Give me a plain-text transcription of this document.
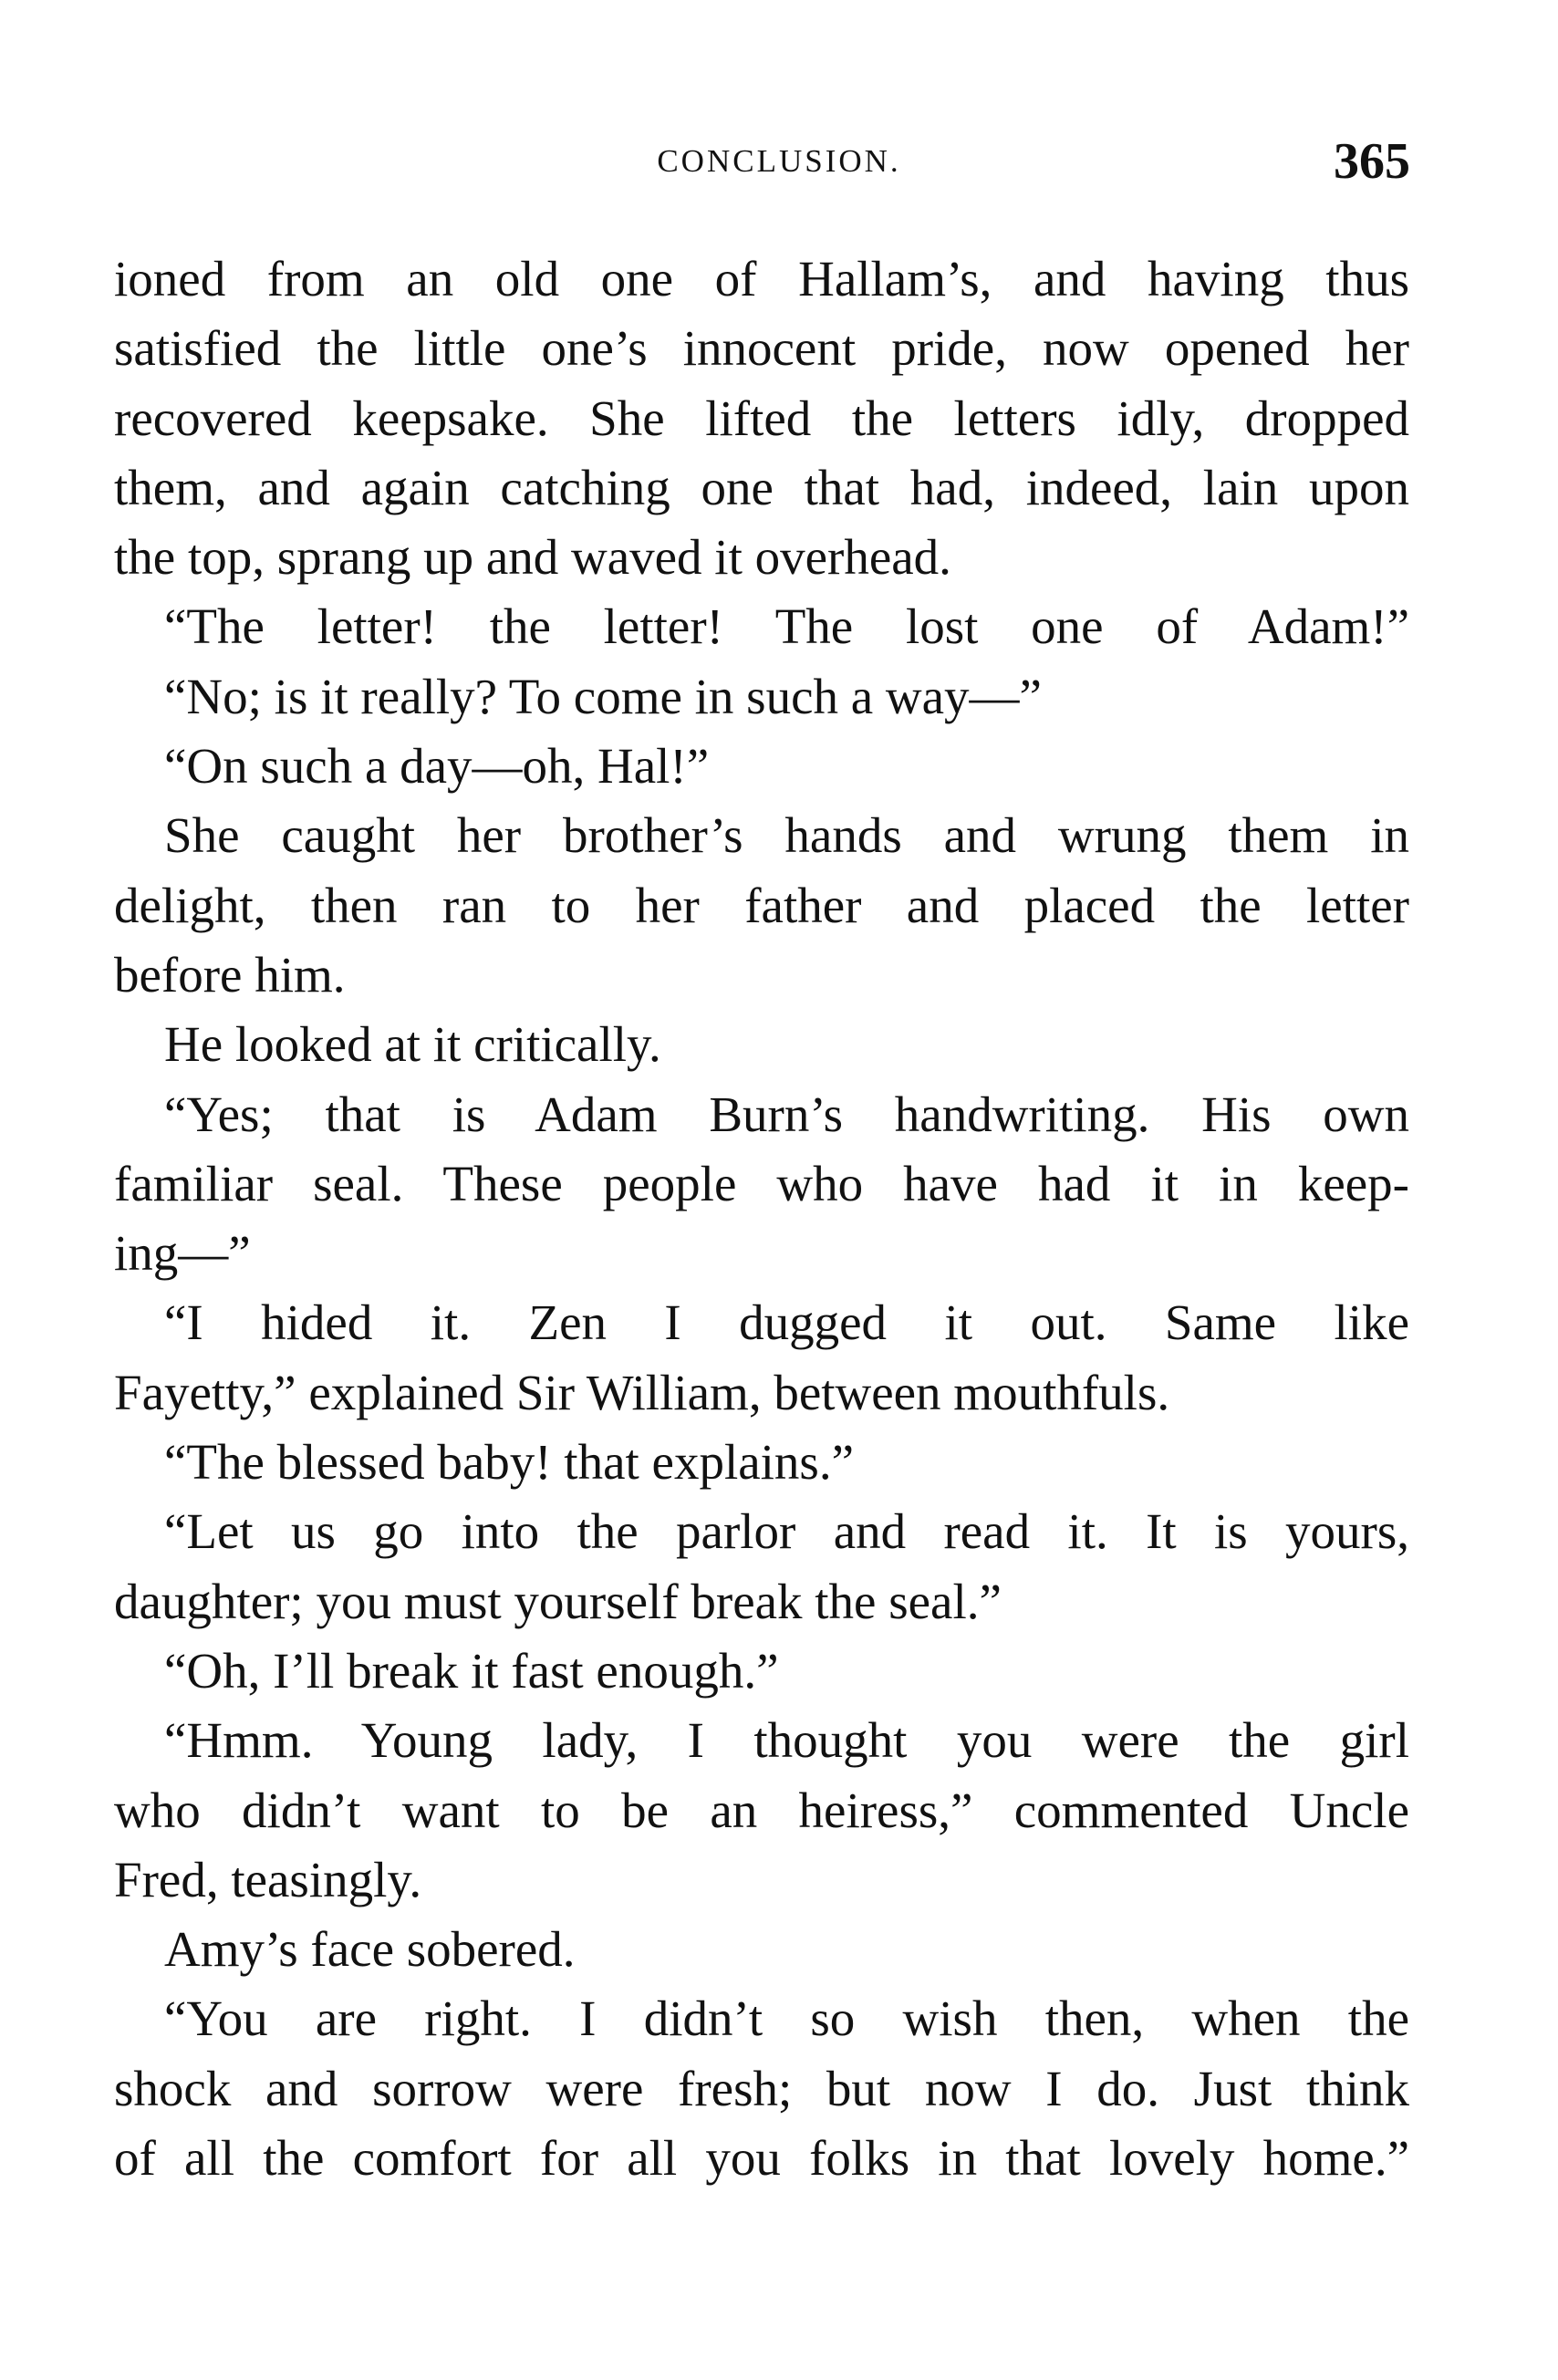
CONCLUSION.	365
ioned from an old one of Hallam’s, and having thus
satisfied the little one’s innocent pride, now opened her
recovered keepsake. She lifted the letters idly, dropped
them, and again catching one that had, indeed, lain upon
the top, sprang up and waved it overhead.
“The letter! the letter! The lost one of Adam!”
“No; is it really? To come in such a way—”
“On such a day—oh, Hal!”
She caught her brother’s hands and wrung them in
delight, then ran to her father and placed the letter
before him.
He looked at it critically.
“Yes; that is Adam Burn’s handwriting. His own
familiar seal. These people who have had it in keep-
ing—”
“I hided it. Zen I dugged it out. Same like
Fayetty,” explained Sir William, between mouthfuls.
“The blessed baby! that explains.”
“Let us go into the parlor and read it. It is yours,
daughter; you must yourself break the seal.”
“Oh, I’ll break it fast enough.”
“Hmm. Young lady, I thought you were the girl
who didn’t want to be an heiress,” commented Uncle
Fred, teasingly.
Amy’s face sobered.
“You are right. I didn’t so wish then, when the
shock and sorrow were fresh; but now I do. Just think
of all the comfort for all you folks in that lovely home.”
